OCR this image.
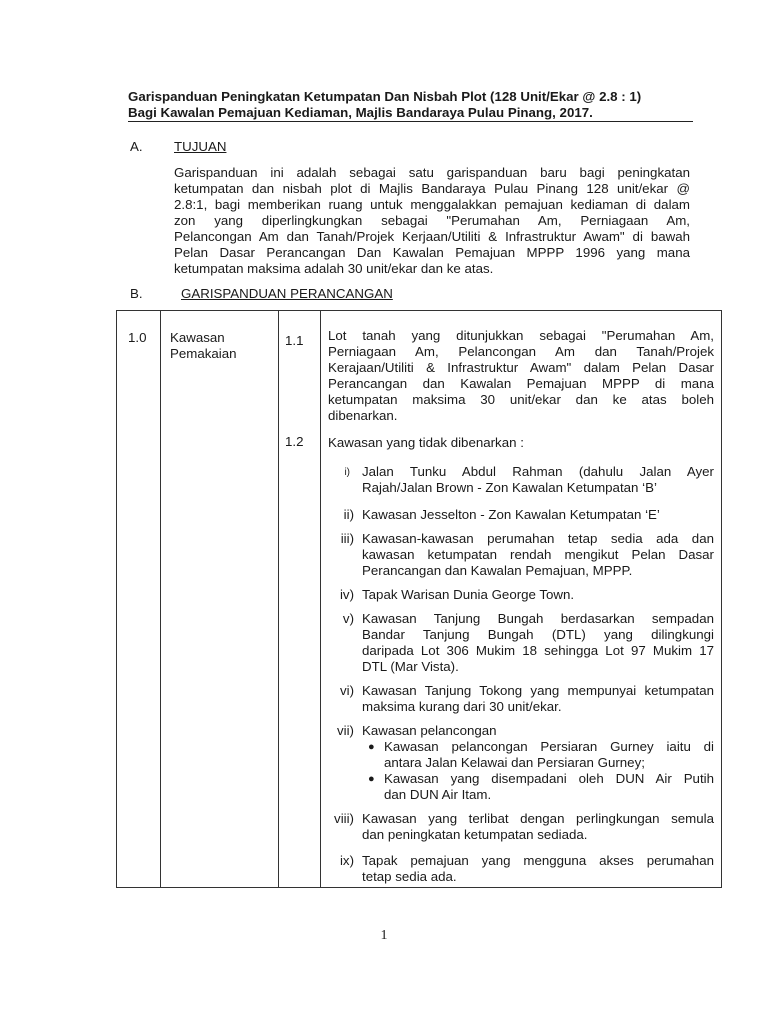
Garispanduan Peningkatan Ketumpatan Dan Nisbah Plot (128 Unit/Ekar @ 2.8 : 1)
Bagi Kawalan Pemajuan Kediaman, Majlis Bandaraya Pulau Pinang, 2017.
A. TUJUAN
Garispanduan ini adalah sebagai satu garispanduan baru bagi peningkatan
ketumpatan dan nisbah plot di Majlis Bandaraya Pulau Pinang 128 unit/ekar @
2.8:1, bagi memberikan ruang untuk menggalakkan pemajuan kediaman di dalam
zon yang diperlingkungkan sebagai "Perumahan Am, Perniagaan Am,
Pelancongan Am dan Tanah/Projek Kerjaan/Utiliti & Infrastruktur Awam" di bawah
Pelan Dasar Perancangan Dan Kawalan Pemajuan MPPP 1996 yang mana
ketumpatan maksima adalah 30 unit/ekar dan ke atas.
B.	GARISPANDUAN PERANCANGAN
1.0 Kawasan
Pemakaian
1.1 Lot tanah yang ditunjukkan sebagai "Perumahan Am,
Perniagaan Am, Pelancongan Am dan Tanah/Projek
Kerajaan/Utiliti & Infrastruktur Awam" dalam Pelan Dasar
Perancangan dan Kawalan Pemajuan MPPP di mana
ketumpatan maksima 30 unit/ekar dan ke atas boleh
dibenarkan.
1.2 Kawasan yang tidak dibenarkan :
i) Jalan Tunku Abdul Rahman (dahulu Jalan Ayer
Rajah/Jalan Brown - Zon Kawalan Ketumpatan ‘B’
ii) Kawasan Jesselton - Zon Kawalan Ketumpatan ‘E’
iii) Kawasan-kawasan perumahan tetap sedia ada dan
kawasan ketumpatan rendah mengikut Pelan Dasar
Perancangan dan Kawalan Pemajuan, MPPP.
iv) Tapak Warisan Dunia George Town.
v) Kawasan Tanjung Bungah berdasarkan sempadan
Bandar Tanjung Bungah (DTL) yang dilingkungi
daripada Lot 306 Mukim 18 sehingga Lot 97 Mukim 17
DTL (Mar Vista).
vi) Kawasan Tanjung Tokong yang mempunyai ketumpatan
maksima kurang dari 30 unit/ekar.
vii) Kawasan pelancongan
● Kawasan pelancongan Persiaran Gurney iaitu di
antara Jalan Kelawai dan Persiaran Gurney;
● Kawasan yang disempadani oleh DUN Air Putih
dan DUN Air Itam.
viii) Kawasan yang terlibat dengan perlingkungan semula
dan peningkatan ketumpatan sediada.
ix) Tapak pemajuan yang mengguna akses perumahan
tetap sedia ada.
1
